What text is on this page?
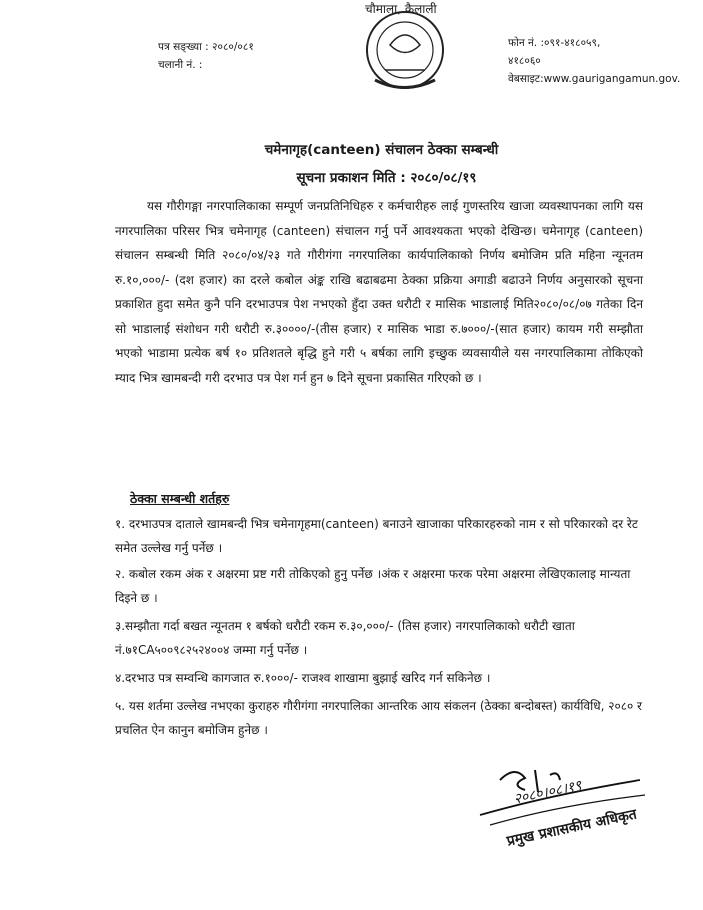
चौमाला, कैलाली
पत्र सङ्ख्या : २०८०/०८१
चलानी नं. :
फोन नं. :०९१-४१८०५९,
४१८०६०
वेबसाइट:www.gaurigangamun.gov.
चमेनागृह(canteen) संचालन ठेक्का सम्बन्धी
सूचना प्रकाशन मिति : २०८०/०८/१९
यस गौरीगङ्गा नगरपालिकाका सम्पूर्ण जनप्रतिनिधिहरु र कर्मचारीहरु लाई गुणस्तरिय खाजा व्यवस्थापनका लागि यस नगरपालिका परिसर भित्र चमेनागृह (canteen) संचालन गर्नु पर्ने आवश्यकता भएको देखिन्छ। चमेनागृह (canteen) संचालन सम्बन्धी मिति २०८०/०४/२३ गते गौरीगंगा नगरपालिका कार्यपालिकाको निर्णय बमोजिम प्रति महिना न्यूनतम रु.१०,०००/- (दश हजार) का दरले कबोल अंङ्क राखि बढाबढमा ठेक्का प्रक्रिया अगाडी बढाउने निर्णय अनुसारको सूचना प्रकाशित हुदा समेत कुनै पनि दरभाउपत्र पेश नभएको हुँदा उक्त धरौटी र मासिक भाडालाई मिति२०८०/०८/०७ गतेका दिन सो भाडालाई संशोधन गरी धरौटी रु.३००००/-(तीस हजार) र मासिक भाडा रु.७०००/-(सात हजार) कायम गरी सम्झौता भएको भाडामा प्रत्येक बर्ष १० प्रतिशतले बृद्धि हुने गरी ५ बर्षका लागि इच्छुक व्यवसायीले यस नगरपालिकामा तोकिएको म्याद भित्र खामबन्दी गरी दरभाउ पत्र पेश गर्न हुन ७ दिने सूचना प्रकासित गरिएको छ ।
ठेक्का सम्बन्धी शर्तहरु
१. दरभाउपत्र दाताले खामबन्दी भित्र चमेनागृहमा(canteen) बनाउने खाजाका परिकारहरुको नाम र सो परिकारको दर रेट समेत उल्लेख गर्नु पर्नेछ ।
२. कबोल रकम अंक र अक्षरमा प्रष्ट गरी तोकिएको हुनु पर्नेछ ।अंक र अक्षरमा फरक परेमा अक्षरमा लेखिएकालाइ मान्यता दिइने छ ।
३.सम्झौता गर्दा बखत न्यूनतम १ बर्षको धरौटी रकम रु.३०,०००/- (तिस हजार) नगरपालिकाको धरौटी खाता नं.७१CA५००९८२५२४००४ जम्मा गर्नु पर्नेछ ।
४.दरभाउ पत्र सम्वन्धि कागजात रु.१०००/- राजश्व शाखामा बुझाई खरिद गर्न सकिनेछ ।
५. यस शर्तमा उल्लेख नभएका कुराहरु गौरीगंगा नगरपालिका आन्तरिक आय संकलन (ठेक्का बन्दोबस्त) कार्यविधि, २०८० र प्रचलित ऐन कानुन बमोजिम हुनेछ ।
२०८०।०८।१९
प्रमुख प्रशासकीय अधिकृत
